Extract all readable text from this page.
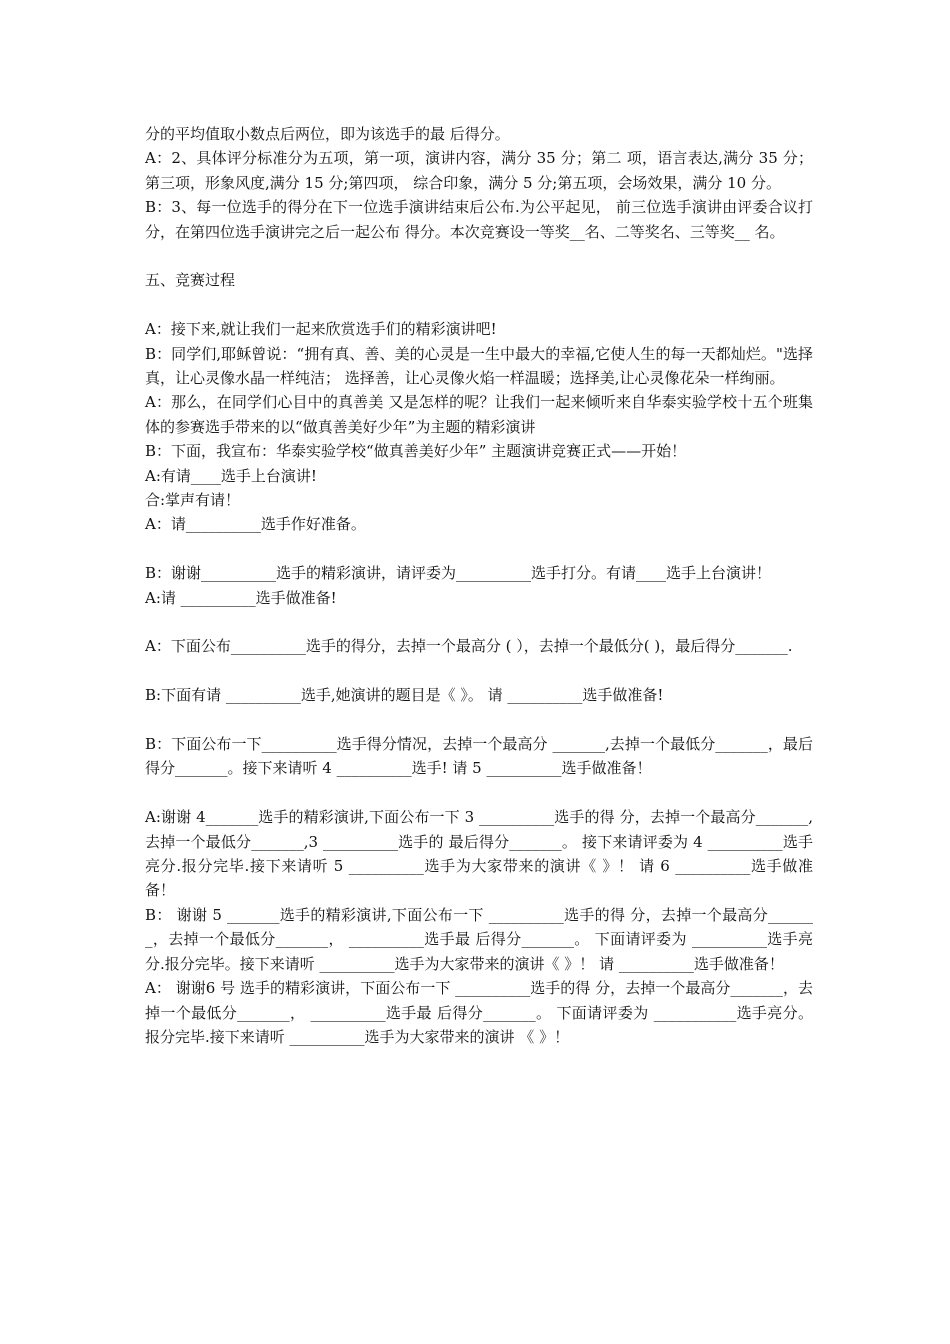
分的平均值取小数点后两位，即为该选手的最 后得分。

A：2、具体评分标准分为五项，第一项，演讲内容，满分 35 分；第二 项，语言表达,满分 35 分；第三项，形象风度,满分 15 分;第四项， 综合印象，满分 5 分;第五项，会场效果，满分 10 分。

B：3、每一位选手的得分在下一位选手演讲结束后公布.为公平起见， 前三位选手演讲由评委合议打分，在第四位选手演讲完之后一起公布 得分。本次竞赛设一等奖__名、二等奖名、三等奖__ 名。

五、竞赛过程

A：接下来,就让我们一起来欣赏选手们的精彩演讲吧!

B：同学们,耶稣曾说：“拥有真、善、美的心灵是一生中最大的幸福,它使人生的每一天都灿烂。"选择真，让心灵像水晶一样纯洁； 选择善，让心灵像火焰一样温暖；选择美,让心灵像花朵一样绚丽。

A：那么，在同学们心目中的真善美 又是怎样的呢？让我们一起来倾听来自华泰实验学校十五个班集体的参赛选手带来的以“做真善美好少年”为主题的精彩演讲

B：下面，我宣布：华泰实验学校“做真善美好少年” 主题演讲竞赛正式——开始！

A:有请____选手上台演讲!

合:掌声有请！

A：请__________选手作好准备。

B：谢谢__________选手的精彩演讲，请评委为__________选手打分。有请____选手上台演讲！

A:请 __________选手做准备!

A：下面公布__________选手的得分，去掉一个最高分 ( ），去掉一个最低分( )，最后得分_______.

B:下面有请 __________选手,她演讲的题目是《 》。 请 __________选手做准备!

B：下面公布一下__________选手得分情况，去掉一个最高分 _______,去掉一个最低分_______，最后得分_______。接下来请听 4 __________选手! 请 5 __________选手做准备！

A:谢谢 4_______选手的精彩演讲,下面公布一下 3 __________选手的得 分，去掉一个最高分_______,去掉一个最低分_______,3 __________选手的 最后得分_______。 接下来请评委为 4 __________选手亮分.报分完毕.接下来请听 5 __________选手为大家带来的演讲《 》！ 请 6 __________选手做准备！

B： 谢谢 5 _______选手的精彩演讲,下面公布一下 __________选手的得 分，去掉一个最高分_______，去掉一个最低分_______， __________选手最 后得分_______。 下面请评委为 __________选手亮分.报分完毕。接下来请听 __________选手为大家带来的演讲《 》！ 请 __________选手做准备！

A： 谢谢6 号 选手的精彩演讲，下面公布一下 __________选手的得 分，去掉一个最高分_______，去掉一个最低分_______， __________选手最 后得分_______。 下面请评委为 ___________选手亮分。报分完毕.接下来请听 __________选手为大家带来的演讲 《 》！
